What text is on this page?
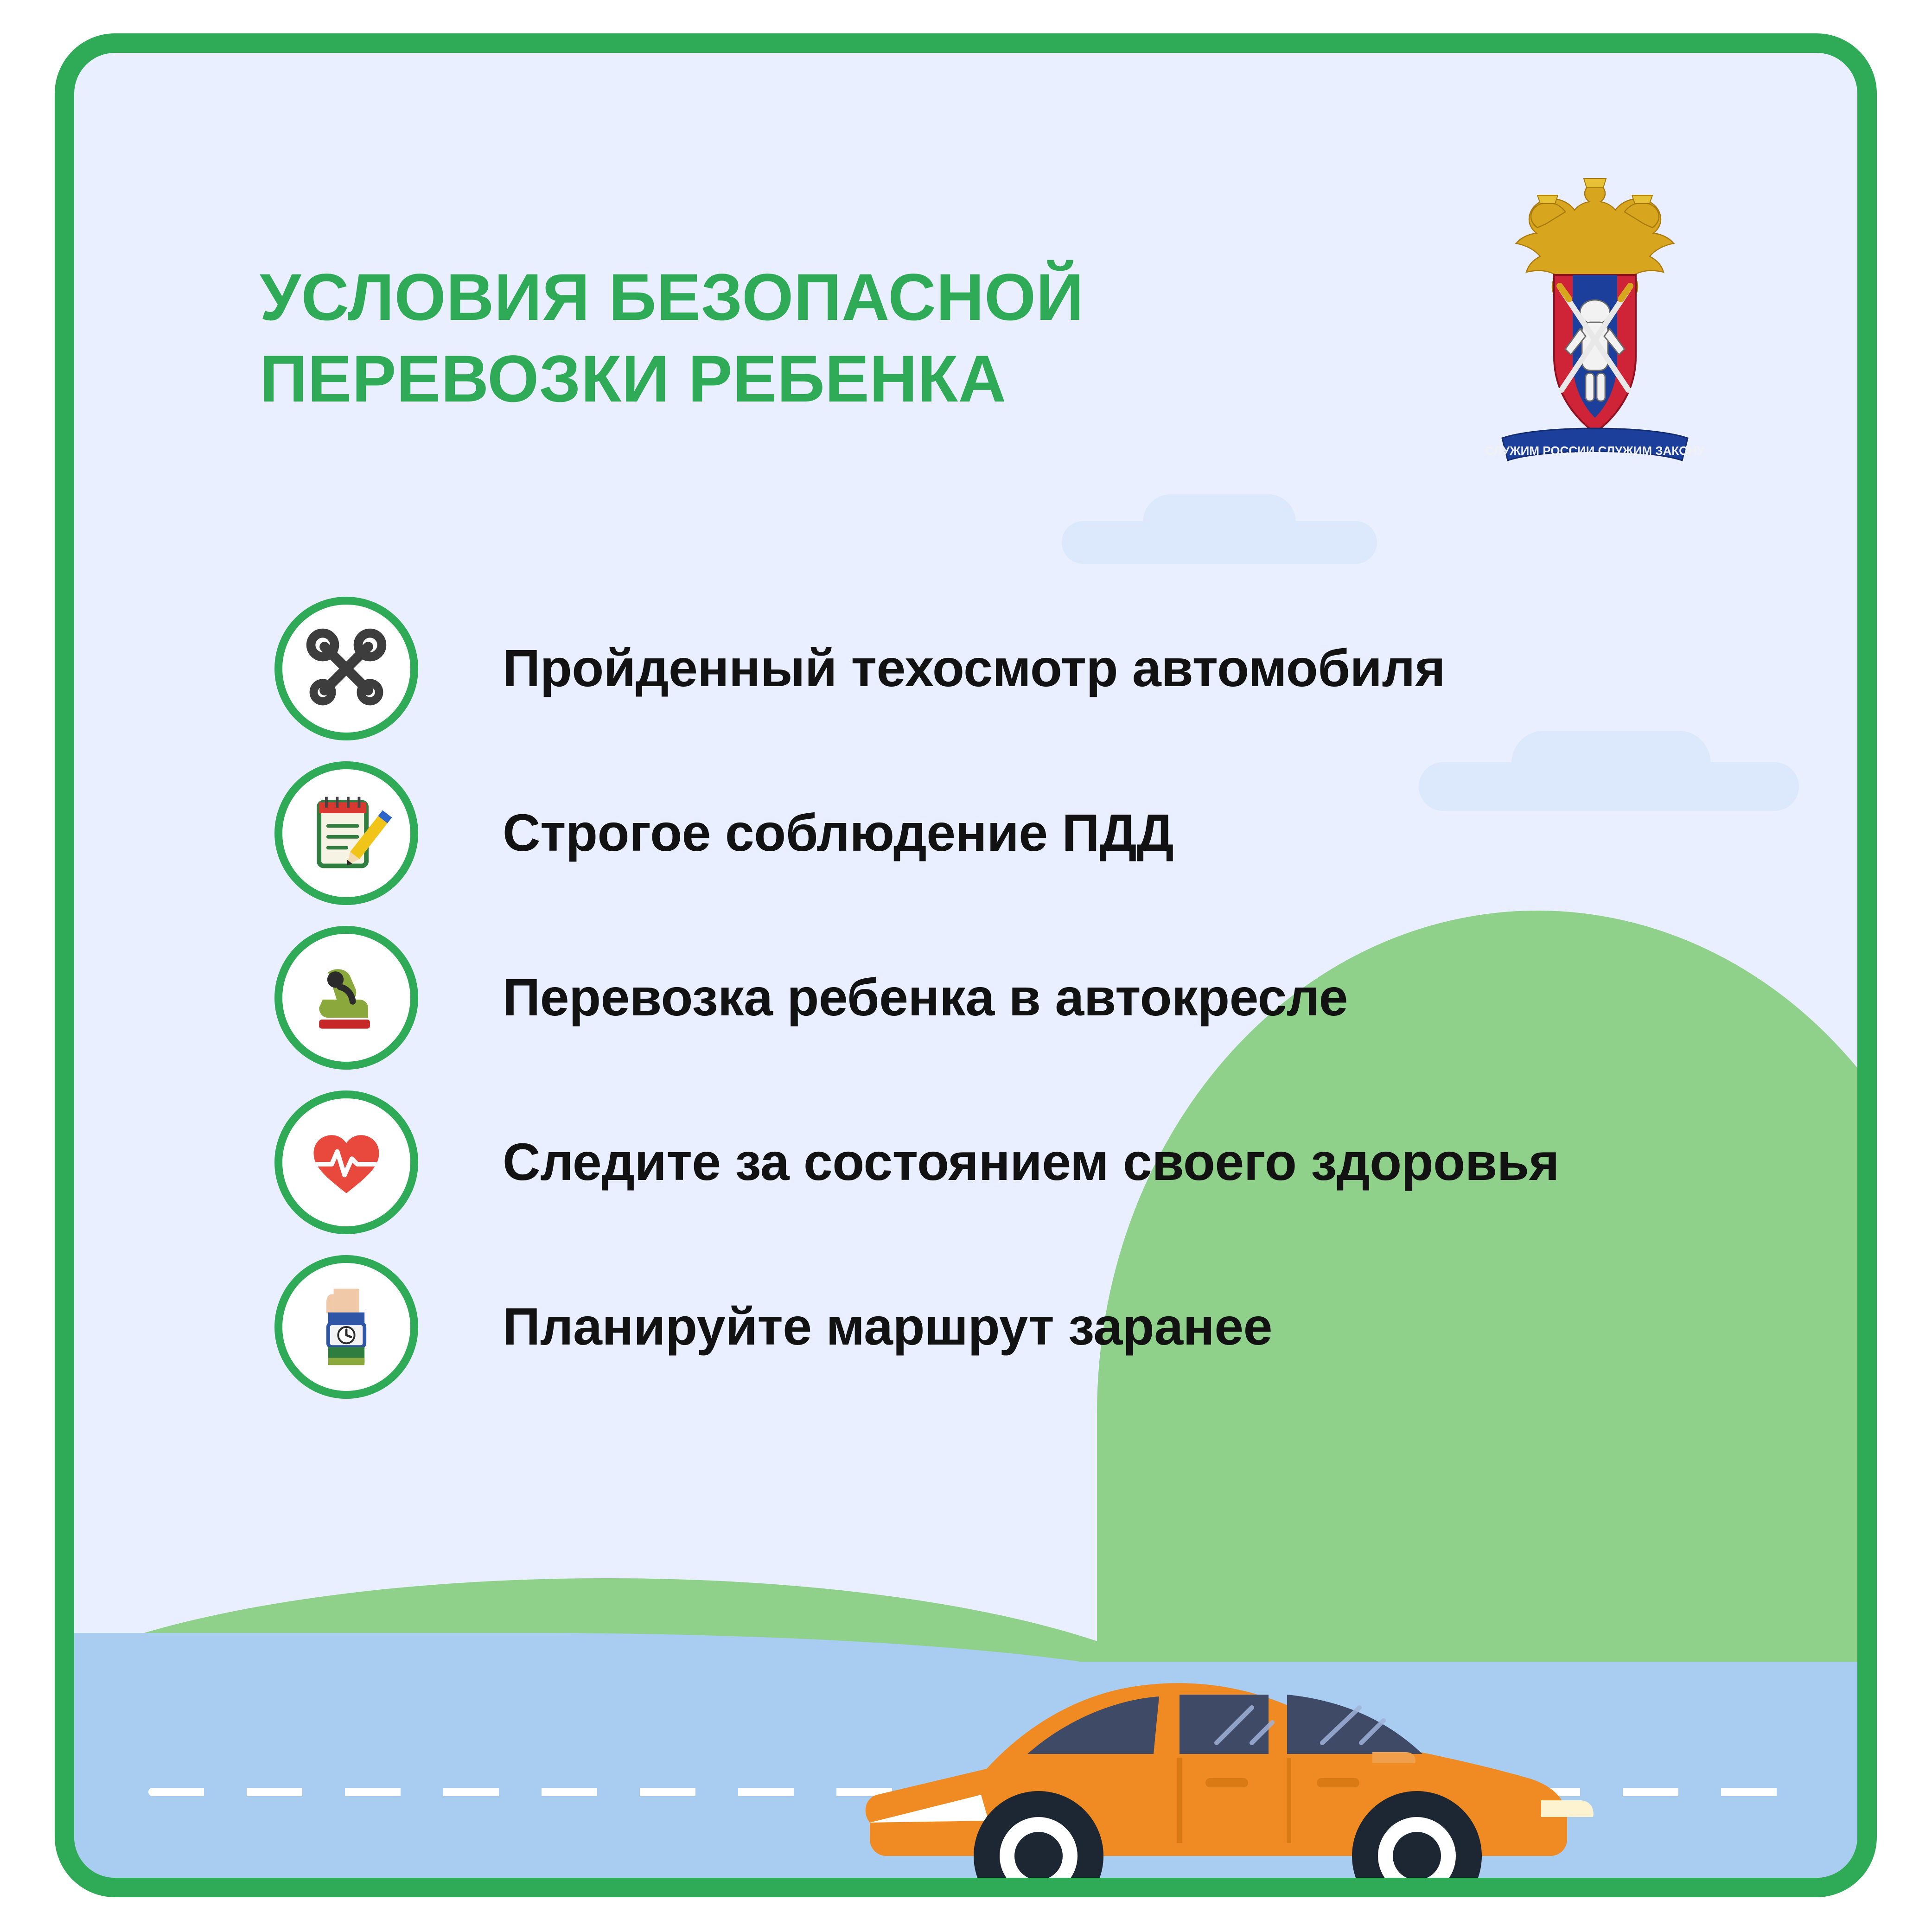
УСЛОВИЯ БЕЗОПАСНОЙ ПЕРЕВОЗКИ РЕБЕНКА
СЛУЖИМ РОССИИ СЛУЖИМ ЗАКОНУ
Пройденный техосмотр автомобиля
Строгое соблюдение ПДД
Перевозка ребенка в автокресле
Следите за состоянием своего здоровья
Планируйте маршрут заранее
